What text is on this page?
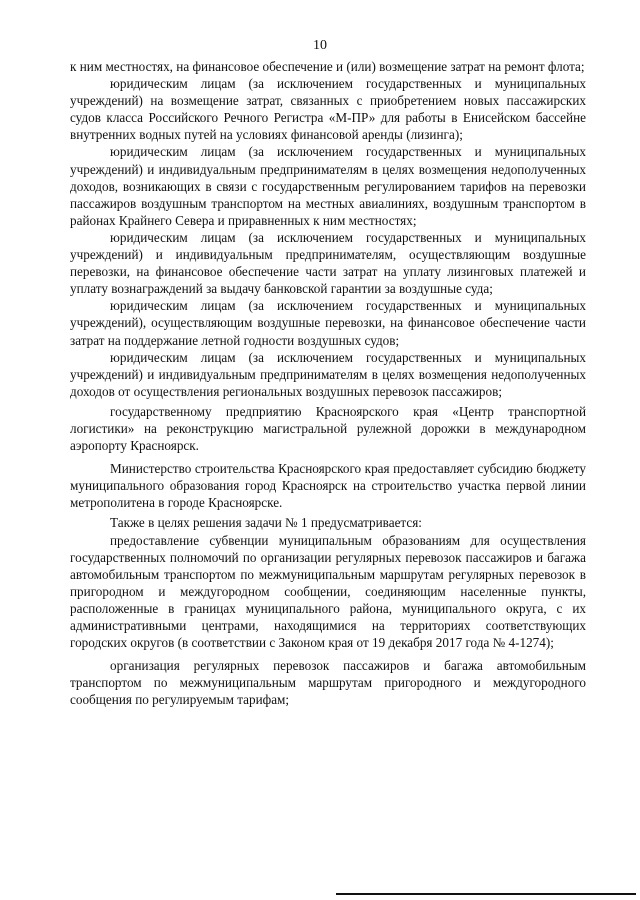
10

к ним местностях, на финансовое обеспечение и (или) возмещение затрат на ремонт флота;

юридическим лицам (за исключением государственных и муниципальных учреждений) на возмещение затрат, связанных с приобретением новых пассажирских судов класса Российского Речного Регистра «М-ПР» для работы в Енисейском бассейне внутренних водных путей на условиях финансовой аренды (лизинга);

юридическим лицам (за исключением государственных и муниципальных учреждений) и индивидуальным предпринимателям в целях возмещения недополученных доходов, возникающих в связи с государственным регулированием тарифов на перевозки пассажиров воздушным транспортом на местных авиалиниях, воздушным транспортом в районах Крайнего Севера и приравненных к ним местностях;

юридическим лицам (за исключением государственных и муниципальных учреждений) и индивидуальным предпринимателям, осуществляющим воздушные перевозки, на финансовое обеспечение части затрат на уплату лизинговых платежей и уплату вознаграждений за выдачу банковской гарантии за воздушные суда;

юридическим лицам (за исключением государственных и муниципальных учреждений), осуществляющим воздушные перевозки, на финансовое обеспечение части затрат на поддержание летной годности воздушных судов;

юридическим лицам (за исключением государственных и муниципальных учреждений) и индивидуальным предпринимателям в целях возмещения недополученных доходов от осуществления региональных воздушных перевозок пассажиров;

государственному предприятию Красноярского края «Центр транспортной логистики» на реконструкцию магистральной рулежной дорожки в международном аэропорту Красноярск.

Министерство строительства Красноярского края предоставляет субсидию бюджету муниципального образования город Красноярск на строительство участка первой линии метрополитена в городе Красноярске.

Также в целях решения задачи № 1 предусматривается:

предоставление субвенции муниципальным образованиям для осуществления государственных полномочий по организации регулярных перевозок пассажиров и багажа автомобильным транспортом по межмуниципальным маршрутам регулярных перевозок в пригородном и междугородном сообщении, соединяющим населенные пункты, расположенные в границах муниципального района, муниципального округа, с их административными центрами, находящимися на территориях соответствующих городских округов (в соответствии с Законом края от 19 декабря 2017 года № 4-1274);

организация регулярных перевозок пассажиров и багажа автомобильным транспортом по межмуниципальным маршрутам пригородного и междугородного сообщения по регулируемым тарифам;
